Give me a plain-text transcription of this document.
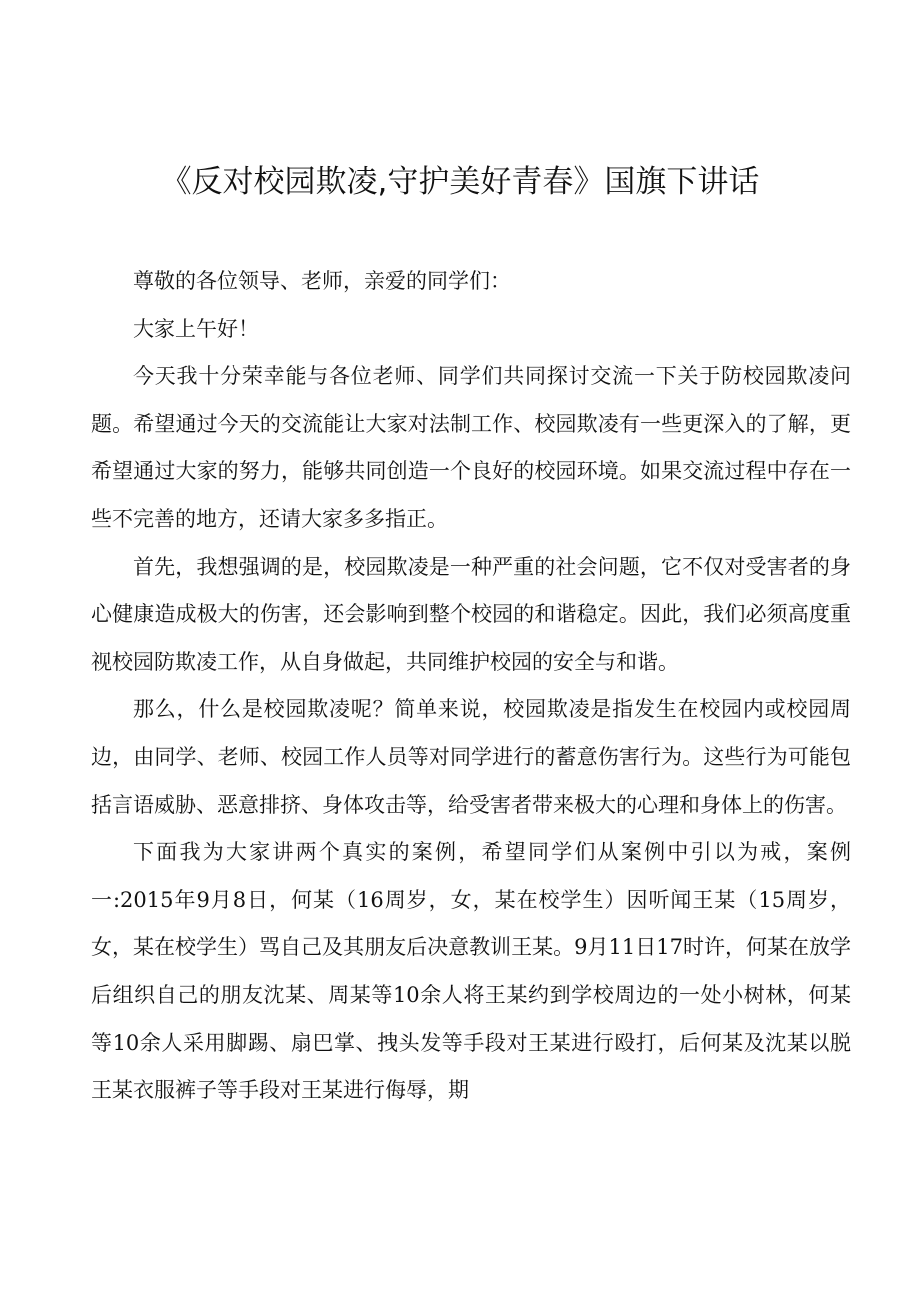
《反对校园欺凌,守护美好青春》国旗下讲话

尊敬的各位领导、老师，亲爱的同学们：

大家上午好！

今天我十分荣幸能与各位老师、同学们共同探讨交流一下关于防校园欺凌问题。希望通过今天的交流能让大家对法制工作、校园欺凌有一些更深入的了解，更希望通过大家的努力，能够共同创造一个良好的校园环境。如果交流过程中存在一些不完善的地方，还请大家多多指正。

首先，我想强调的是，校园欺凌是一种严重的社会问题，它不仅对受害者的身心健康造成极大的伤害，还会影响到整个校园的和谐稳定。因此，我们必须高度重视校园防欺凌工作，从自身做起，共同维护校园的安全与和谐。

那么，什么是校园欺凌呢？简单来说，校园欺凌是指发生在校园内或校园周边，由同学、老师、校园工作人员等对同学进行的蓄意伤害行为。这些行为可能包括言语威胁、恶意排挤、身体攻击等，给受害者带来极大的心理和身体上的伤害。

下面我为大家讲两个真实的案例，希望同学们从案例中引以为戒，案例一:2015年9月8日，何某（16周岁，女，某在校学生）因听闻王某（15周岁，女，某在校学生）骂自己及其朋友后决意教训王某。9月11日17时许，何某在放学后组织自己的朋友沈某、周某等10余人将王某约到学校周边的一处小树林，何某等10余人采用脚踢、扇巴掌、拽头发等手段对王某进行殴打，后何某及沈某以脱王某衣服裤子等手段对王某进行侮辱，期
